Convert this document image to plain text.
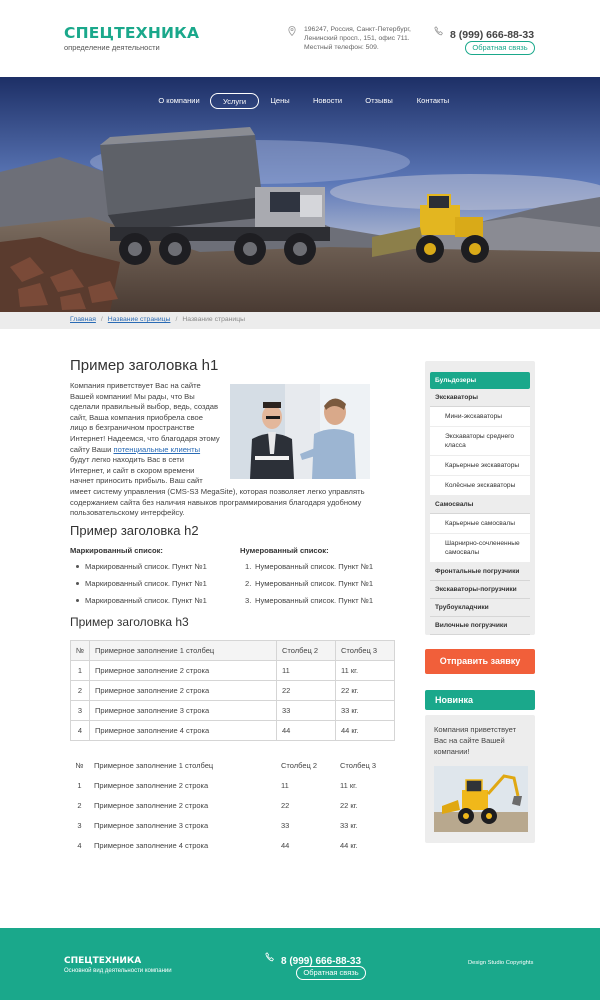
СПЕЦТЕХНИКА
определение деятельности
196247, Россия, Санкт-Петербург, Ленинский просп., 151, офис 711. Местный телефон: 509.
8 (999) 666-88-33
Обратная связь
О компании	Услуги	Цены	Новости	Отзывы	Контакты
Главная / Название страницы / Название страницы
Пример заголовка h1
Компания приветствует Вас на сайте Вашей компании! Мы рады, что Вы сделали правильный выбор, ведь, создав сайт, Ваша компания приобрела свое лицо в безграничном пространстве Интернет! Надеемся, что благодаря этому сайту Ваши потенциальные клиенты будут легко находить Вас в сети Интернет, и сайт в скором времени начнет приносить прибыль. Ваш сайт имеет систему управления (CMS-S3 MegaSite), которая позволяет легко управлять содержанием сайта без наличия навыков программирования благодаря удобному пользовательскому интерфейсу.
Пример заголовка h2
Маркированный список:
Маркированный список. Пункт №1
Маркированный список. Пункт №1
Маркированный список. Пункт №1
Нумерованный список:
1. Нумерованный список. Пункт №1
2. Нумерованный список. Пункт №1
3. Нумерованный список. Пункт №1
Пример заголовка h3
№	Примерное заполнение 1 столбец	Столбец 2	Столбец 3
1	Примерное заполнение 2 строка	11	11 кг.
2	Примерное заполнение 2 строка	22	22 кг.
3	Примерное заполнение 3 строка	33	33 кг.
4	Примерное заполнение 4 строка	44	44 кг.
№	Примерное заполнение 1 столбец	Столбец 2	Столбец 3
1	Примерное заполнение 2 строка	11	11 кг.
2	Примерное заполнение 2 строка	22	22 кг.
3	Примерное заполнение 3 строка	33	33 кг.
4	Примерное заполнение 4 строка	44	44 кг.
Бульдозеры
Экскаваторы
Мини-экскаваторы
Экскаваторы среднего класса
Карьерные экскаваторы
Колёсные экскаваторы
Самосвалы
Карьерные самосвалы
Шарнирно-сочлененные самосвалы
Фронтальные погрузчики
Экскаваторы-погрузчики
Трубоукладчики
Вилочные погрузчики
Отправить заявку
Новинка
Компания приветствует Вас на сайте Вашей компании!
СПЕЦТЕХНИКА
Основной вид деятельности компании
8 (999) 666-88-33
Обратная связь
Design Studio Copyrights
